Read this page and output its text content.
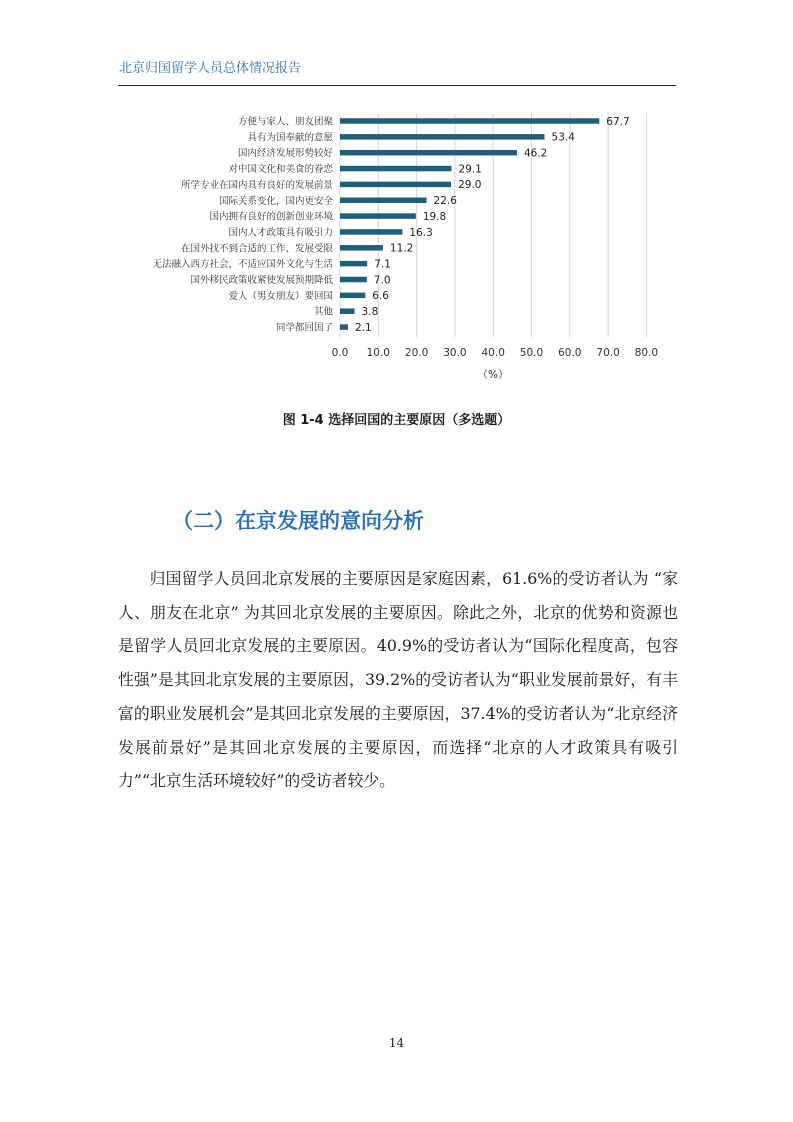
北京归国留学人员总体情况报告
0.0 10.0 20.0 30.0 40.0 50.0 60.0 70.0 80.0
（%）
方便与家人、朋友团聚	67.7
具有为国奉献的意愿	53.4
国内经济发展形势较好	46.2
对中国文化和美食的眷恋	29.1
所学专业在国内具有良好的发展前景	29.0
国际关系变化，国内更安全	22.6
国内拥有良好的创新创业环境	19.8
国内人才政策具有吸引力	16.3
在国外找不到合适的工作、发展受限	11.2
无法融入西方社会，不适应国外文化与生活	7.1
国外移民政策收紧使发展预期降低	7.0
爱人（男女朋友）要回国	6.6
其他	3.8
同学都回国了 2.1
图 1-4 选择回国的主要原因（多选题）
（二）在京发展的意向分析

归国留学人员回北京发展的主要原因是家庭因素，61.6%的受访者认为 “家人、朋友在北京” 为其回北京发展的主要原因。除此之外，北京的优势和资源也是留学人员回北京发展的主要原因。40.9%的受访者认为“国际化程度高，包容性强”是其回北京发展的主要原因，39.2%的受访者认为“职业发展前景好，有丰富的职业发展机会”是其回北京发展的主要原因，37.4%的受访者认为“北京经济发展前景好”是其回北京发展的主要原因，而选择“北京的人才政策具有吸引力”“北京生活环境较好”的受访者较少。

14
